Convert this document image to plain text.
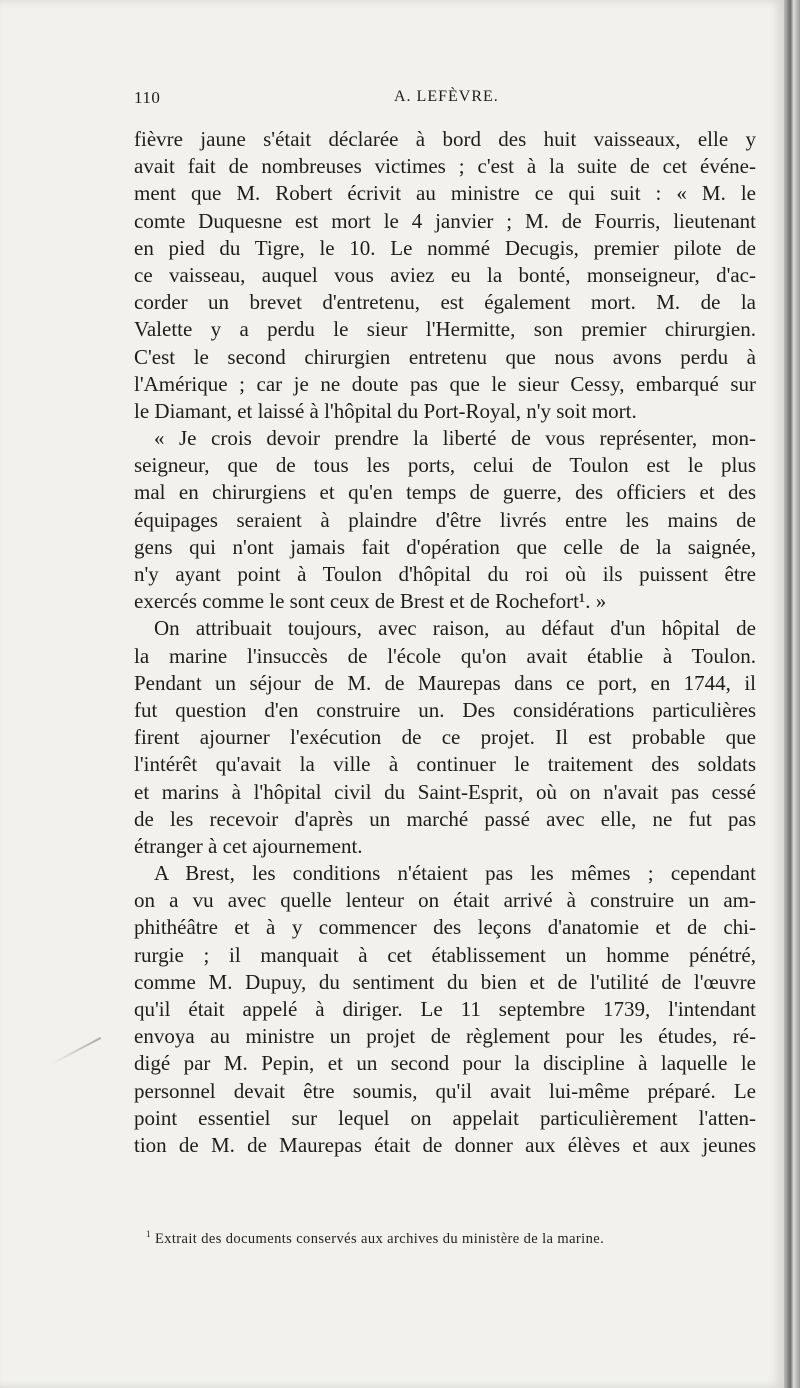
110	A. LEFÈVRE.
fièvre jaune s'était déclarée à bord des huit vaisseaux, elle y
avait fait de nombreuses victimes ; c'est à la suite de cet événe-
ment que M. Robert écrivit au ministre ce qui suit : « M. le
comte Duquesne est mort le 4 janvier ; M. de Fourris, lieutenant
en pied du Tigre, le 10. Le nommé Decugis, premier pilote de
ce vaisseau, auquel vous aviez eu la bonté, monseigneur, d'ac-
corder un brevet d'entretenu, est également mort. M. de la
Valette y a perdu le sieur l'Hermitte, son premier chirurgien.
C'est le second chirurgien entretenu que nous avons perdu à
l'Amérique ; car je ne doute pas que le sieur Cessy, embarqué sur
le Diamant, et laissé à l'hôpital du Port-Royal, n'y soit mort.
« Je crois devoir prendre la liberté de vous représenter, mon-
seigneur, que de tous les ports, celui de Toulon est le plus
mal en chirurgiens et qu'en temps de guerre, des officiers et des
équipages seraient à plaindre d'être livrés entre les mains de
gens qui n'ont jamais fait d'opération que celle de la saignée,
n'y ayant point à Toulon d'hôpital du roi où ils puissent être
exercés comme le sont ceux de Brest et de Rochefort¹. »
On attribuait toujours, avec raison, au défaut d'un hôpital de
la marine l'insuccès de l'école qu'on avait établie à Toulon.
Pendant un séjour de M. de Maurepas dans ce port, en 1744, il
fut question d'en construire un. Des considérations particulières
firent ajourner l'exécution de ce projet. Il est probable que
l'intérêt qu'avait la ville à continuer le traitement des soldats
et marins à l'hôpital civil du Saint-Esprit, où on n'avait pas cessé
de les recevoir d'après un marché passé avec elle, ne fut pas
étranger à cet ajournement.
A Brest, les conditions n'étaient pas les mêmes ; cependant
on a vu avec quelle lenteur on était arrivé à construire un am-
phithéâtre et à y commencer des leçons d'anatomie et de chi-
rurgie ; il manquait à cet établissement un homme pénétré,
comme M. Dupuy, du sentiment du bien et de l'utilité de l'œuvre
qu'il était appelé à diriger. Le 11 septembre 1739, l'intendant
envoya au ministre un projet de règlement pour les études, ré-
digé par M. Pepin, et un second pour la discipline à laquelle le
personnel devait être soumis, qu'il avait lui-même préparé. Le
point essentiel sur lequel on appelait particulièrement l'atten-
tion de M. de Maurepas était de donner aux élèves et aux jeunes
$^1$ Extrait des documents conservés aux archives du ministère de la marine.
